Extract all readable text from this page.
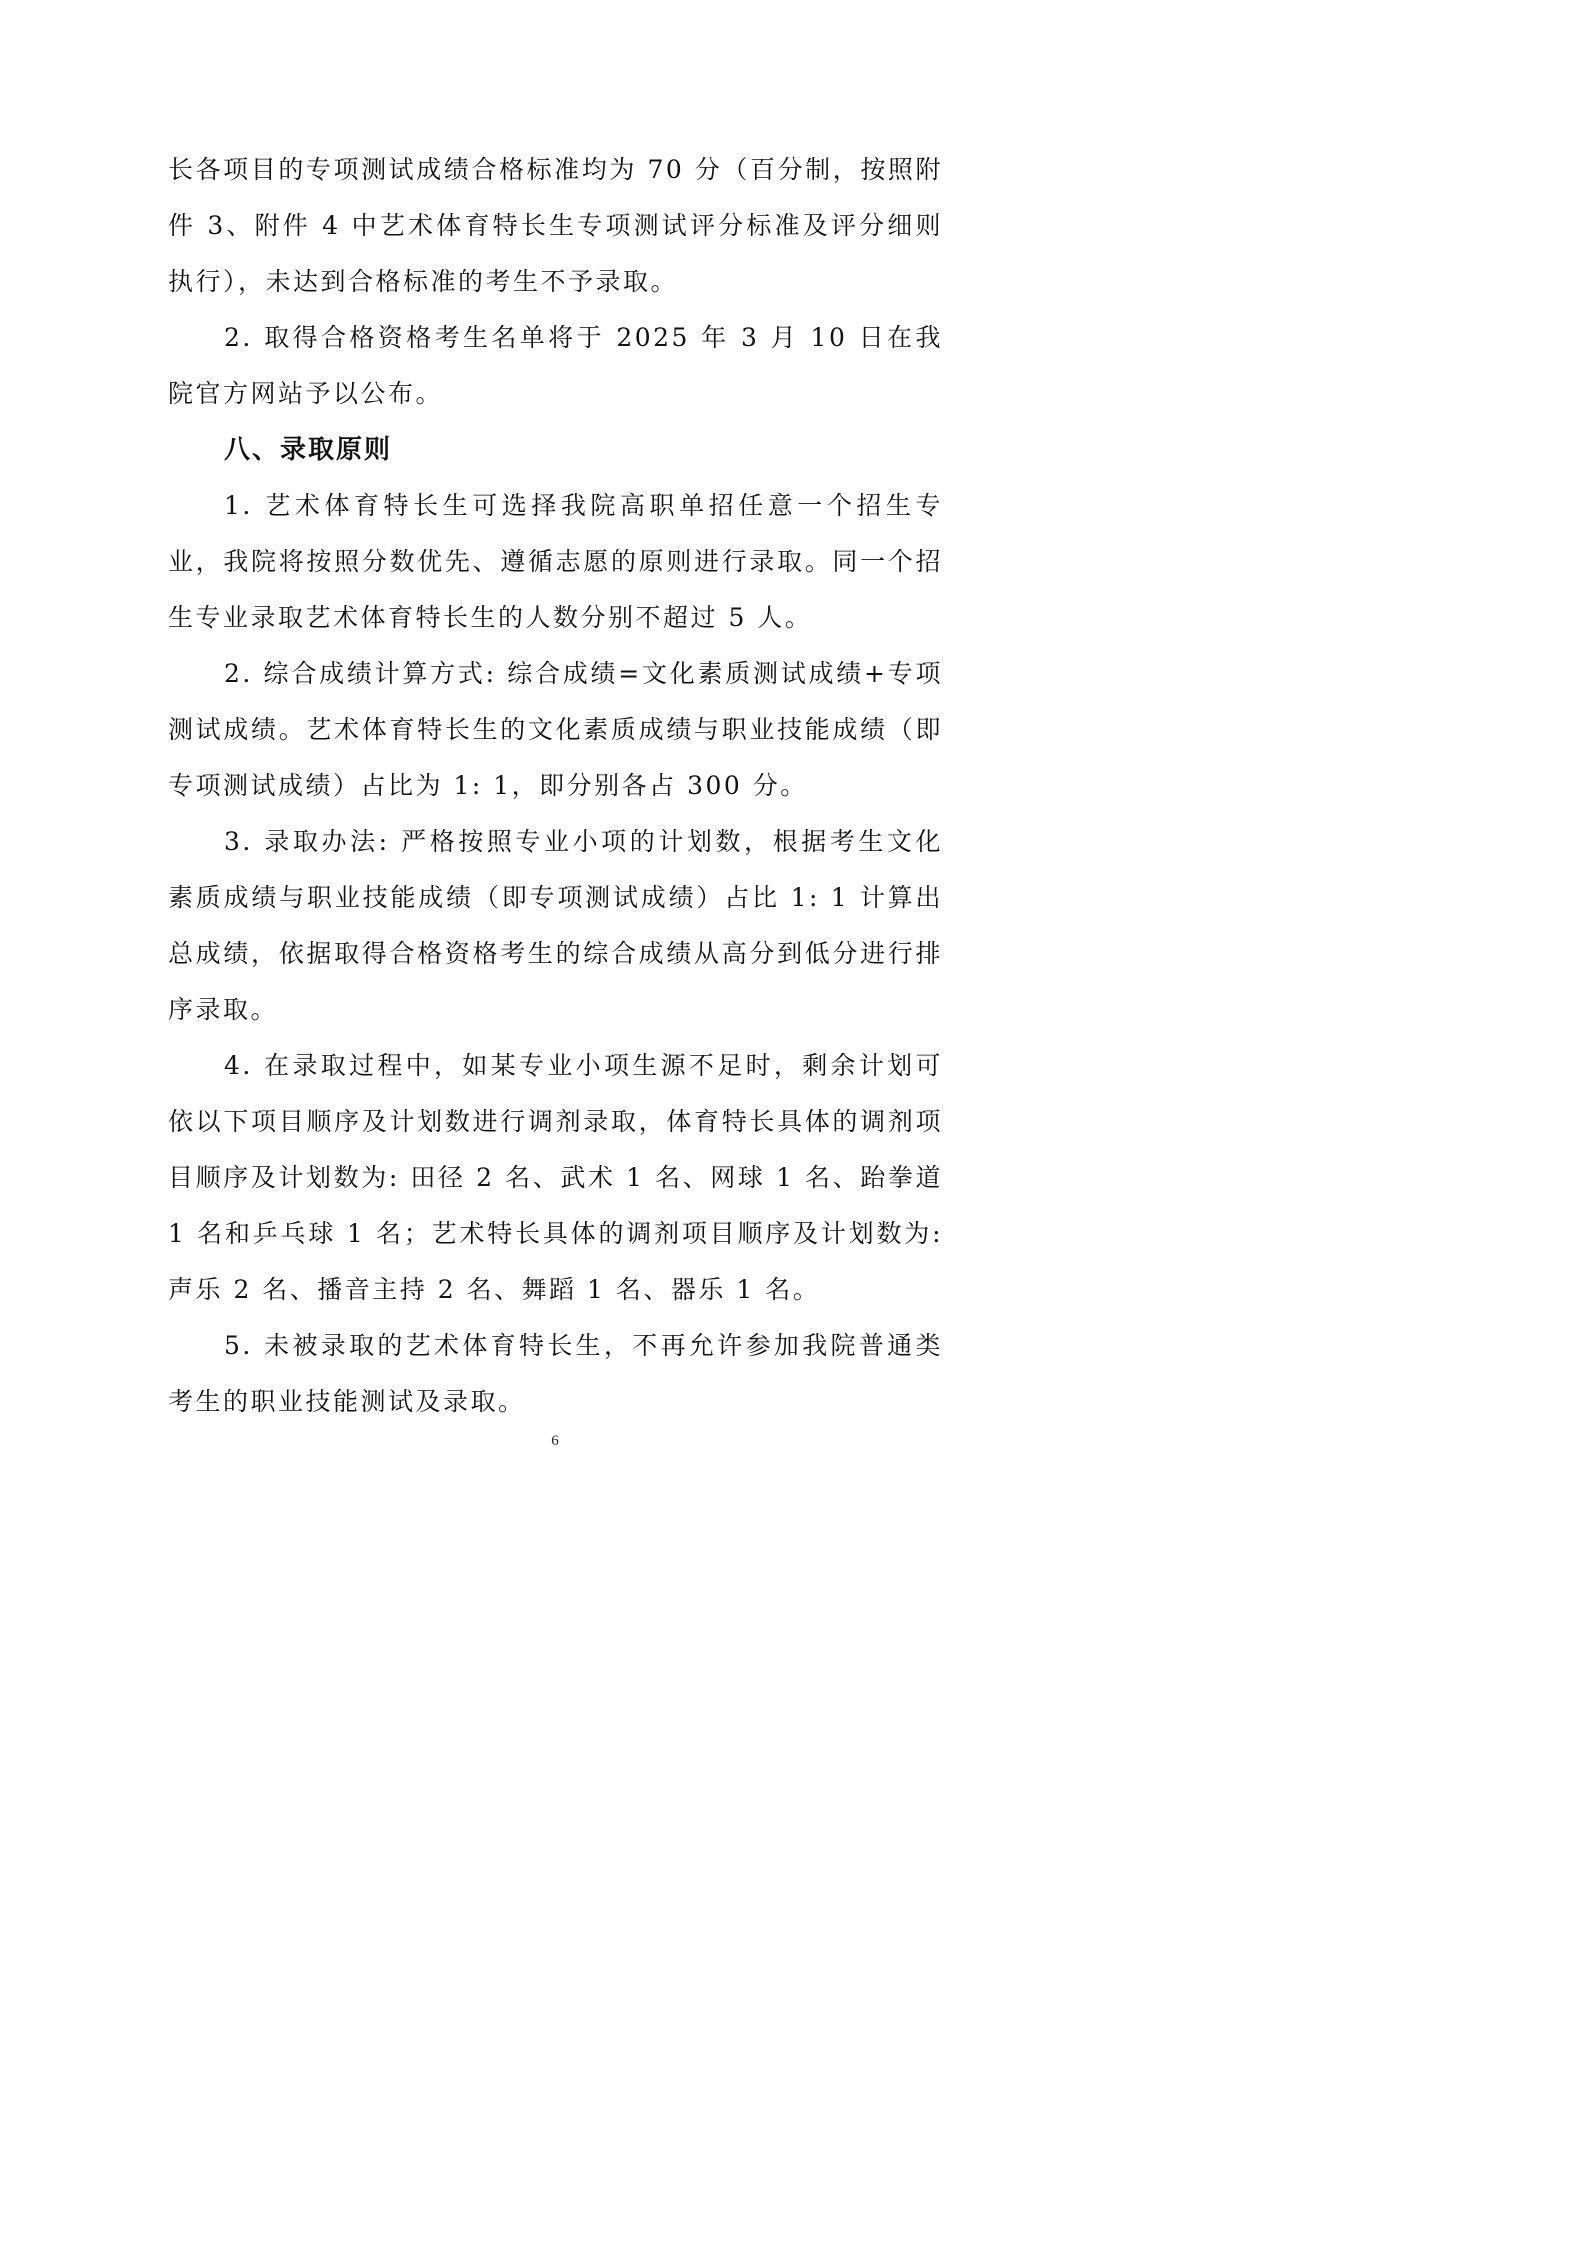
长各项目的专项测试成绩合格标准均为 70 分（百分制，按照附件 3、附件 4 中艺术体育特长生专项测试评分标准及评分细则执行），未达到合格标准的考生不予录取。

2. 取得合格资格考生名单将于 2025 年 3 月 10 日在我院官方网站予以公布。

八、录取原则

1. 艺术体育特长生可选择我院高职单招任意一个招生专业，我院将按照分数优先、遵循志愿的原则进行录取。同一个招生专业录取艺术体育特长生的人数分别不超过 5 人。

2. 综合成绩计算方式: 综合成绩=文化素质测试成绩+专项测试成绩。艺术体育特长生的文化素质成绩与职业技能成绩（即专项测试成绩）占比为 1: 1，即分别各占 300 分。

3. 录取办法: 严格按照专业小项的计划数，根据考生文化素质成绩与职业技能成绩（即专项测试成绩）占比 1: 1 计算出总成绩，依据取得合格资格考生的综合成绩从高分到低分进行排序录取。

4. 在录取过程中，如某专业小项生源不足时，剩余计划可依以下项目顺序及计划数进行调剂录取，体育特长具体的调剂项目顺序及计划数为: 田径 2 名、武术 1 名、网球 1 名、跆拳道 1 名和乒乓球 1 名；艺术特长具体的调剂项目顺序及计划数为: 声乐 2 名、播音主持 2 名、舞蹈 1 名、器乐 1 名。

5. 未被录取的艺术体育特长生，不再允许参加我院普通类考生的职业技能测试及录取。

6
